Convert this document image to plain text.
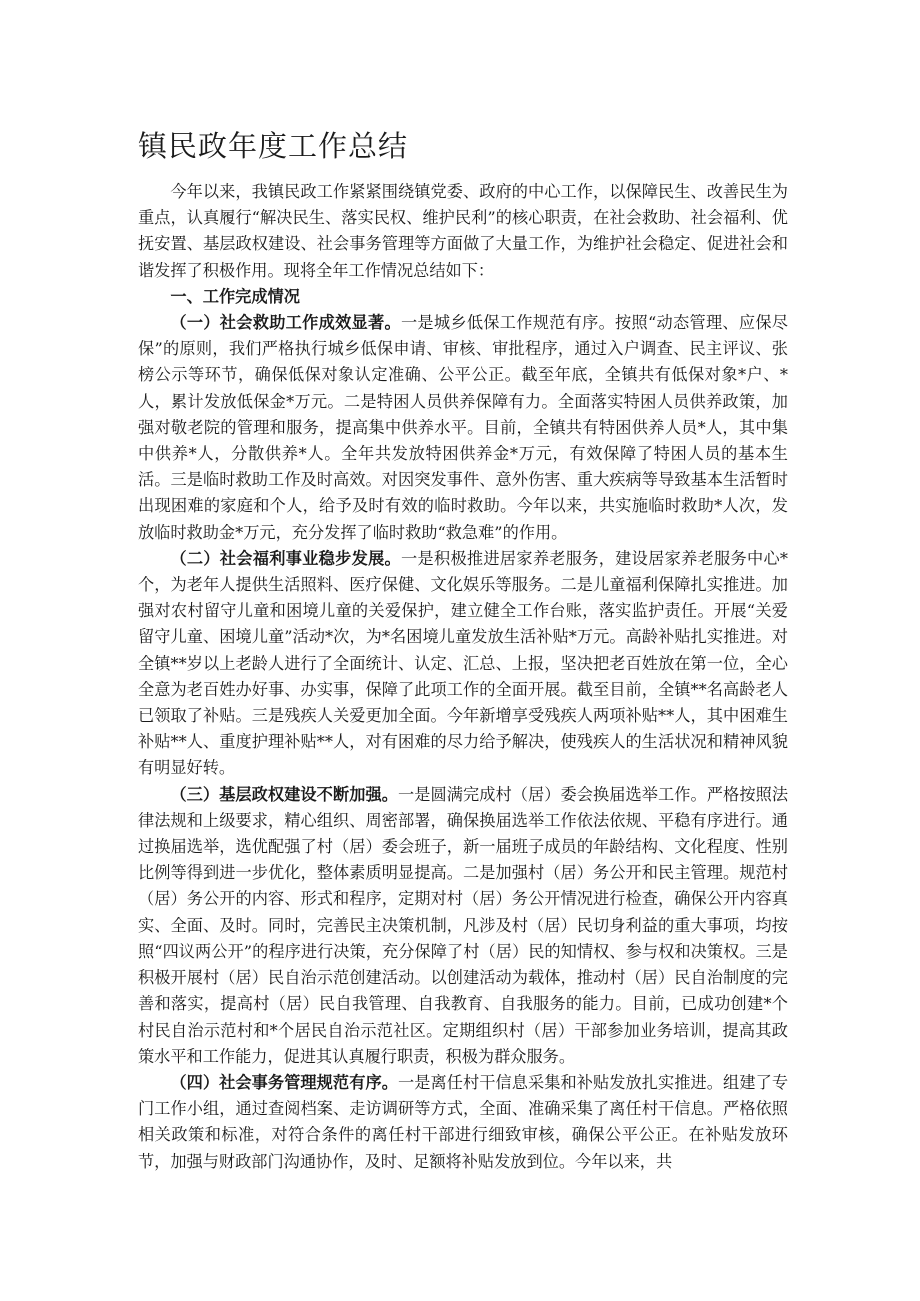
镇民政年度工作总结

今年以来，我镇民政工作紧紧围绕镇党委、政府的中心工作，以保障民生、改善民生为重点，认真履行“解决民生、落实民权、维护民利”的核心职责，在社会救助、社会福利、优抚安置、基层政权建设、社会事务管理等方面做了大量工作，为维护社会稳定、促进社会和谐发挥了积极作用。现将全年工作情况总结如下：

一、工作完成情况

（一）社会救助工作成效显著。一是城乡低保工作规范有序。按照“动态管理、应保尽保”的原则，我们严格执行城乡低保申请、审核、审批程序，通过入户调查、民主评议、张榜公示等环节，确保低保对象认定准确、公平公正。截至年底，全镇共有低保对象*户、*人，累计发放低保金*万元。二是特困人员供养保障有力。全面落实特困人员供养政策，加强对敬老院的管理和服务，提高集中供养水平。目前，全镇共有特困供养人员*人，其中集中供养*人，分散供养*人。全年共发放特困供养金*万元，有效保障了特困人员的基本生活。三是临时救助工作及时高效。对因突发事件、意外伤害、重大疾病等导致基本生活暂时出现困难的家庭和个人，给予及时有效的临时救助。今年以来，共实施临时救助*人次，发放临时救助金*万元，充分发挥了临时救助“救急难”的作用。

（二）社会福利事业稳步发展。一是积极推进居家养老服务，建设居家养老服务中心*个，为老年人提供生活照料、医疗保健、文化娱乐等服务。二是儿童福利保障扎实推进。加强对农村留守儿童和困境儿童的关爱保护，建立健全工作台账，落实监护责任。开展“关爱留守儿童、困境儿童”活动*次，为*名困境儿童发放生活补贴*万元。高龄补贴扎实推进。对全镇**岁以上老龄人进行了全面统计、认定、汇总、上报，坚决把老百姓放在第一位，全心全意为老百姓办好事、办实事，保障了此项工作的全面开展。截至目前，全镇**名高龄老人已领取了补贴。三是残疾人关爱更加全面。今年新增享受残疾人两项补贴**人，其中困难生补贴**人、重度护理补贴**人，对有困难的尽力给予解决，使残疾人的生活状况和精神风貌有明显好转。

（三）基层政权建设不断加强。一是圆满完成村（居）委会换届选举工作。严格按照法律法规和上级要求，精心组织、周密部署，确保换届选举工作依法依规、平稳有序进行。通过换届选举，选优配强了村（居）委会班子，新一届班子成员的年龄结构、文化程度、性别比例等得到进一步优化，整体素质明显提高。二是加强村（居）务公开和民主管理。规范村（居）务公开的内容、形式和程序，定期对村（居）务公开情况进行检查，确保公开内容真实、全面、及时。同时，完善民主决策机制，凡涉及村（居）民切身利益的重大事项，均按照“四议两公开”的程序进行决策，充分保障了村（居）民的知情权、参与权和决策权。三是积极开展村（居）民自治示范创建活动。以创建活动为载体，推动村（居）民自治制度的完善和落实，提高村（居）民自我管理、自我教育、自我服务的能力。目前，已成功创建*个村民自治示范村和*个居民自治示范社区。定期组织村（居）干部参加业务培训，提高其政策水平和工作能力，促进其认真履行职责，积极为群众服务。

（四）社会事务管理规范有序。一是离任村干信息采集和补贴发放扎实推进。组建了专门工作小组，通过查阅档案、走访调研等方式，全面、准确采集了离任村干信息。严格依照相关政策和标准，对符合条件的离任村干部进行细致审核，确保公平公正。在补贴发放环节，加强与财政部门沟通协作，及时、足额将补贴发放到位。今年以来，共
